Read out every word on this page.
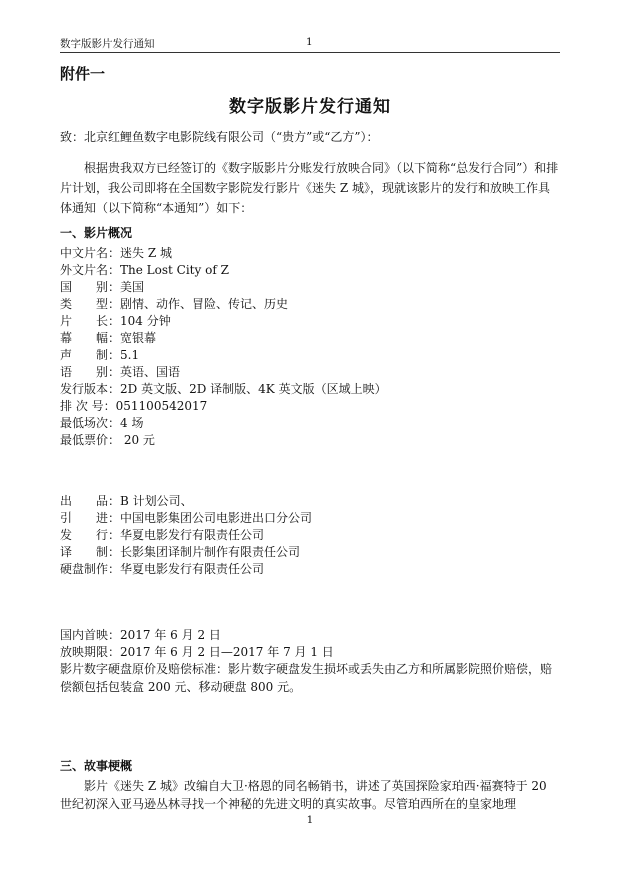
数字版影片发行通知	1
附件一
数字版影片发行通知
致：北京红鲤鱼数字电影院线有限公司（“贵方”或“乙方”）：
根据贵我双方已经签订的《数字版影片分账发行放映合同》（以下简称“总发行合同”）和排片计划，我公司即将在全国数字影院发行影片《迷失 Z 城》，现就该影片的发行和放映工作具体通知（以下简称“本通知”）如下：
一、影片概况
中文片名：迷失 Z 城
外文片名：The Lost City of Z
国　　别：美国
类　　型：剧情、动作、冒险、传记、历史
片　　长：104 分钟
幕　　幅：宽银幕
声　　制：5.1
语　　别：英语、国语
发行版本：2D 英文版、2D 译制版、4K 英文版（区域上映）
排 次 号：051100542017
最低场次：4 场
最低票价： 20 元
出　　品：B 计划公司、
引　　进：中国电影集团公司电影进出口分公司
发　　行：华夏电影发行有限责任公司
译　　制：长影集团译制片制作有限责任公司
硬盘制作：华夏电影发行有限责任公司
国内首映：2017 年 6 月 2 日
放映期限：2017 年 6 月 2 日—2017 年 7 月 1 日
影片数字硬盘原价及赔偿标准：影片数字硬盘发生损坏或丢失由乙方和所属影院照价赔偿，赔偿额包括包装盒 200 元、移动硬盘 800 元。
三、故事梗概
影片《迷失 Z 城》改编自大卫·格恩的同名畅销书，讲述了英国探险家珀西·福赛特于 20 世纪初深入亚马逊丛林寻找一个神秘的先进文明的真实故事。尽管珀西所在的皇家地理
1
